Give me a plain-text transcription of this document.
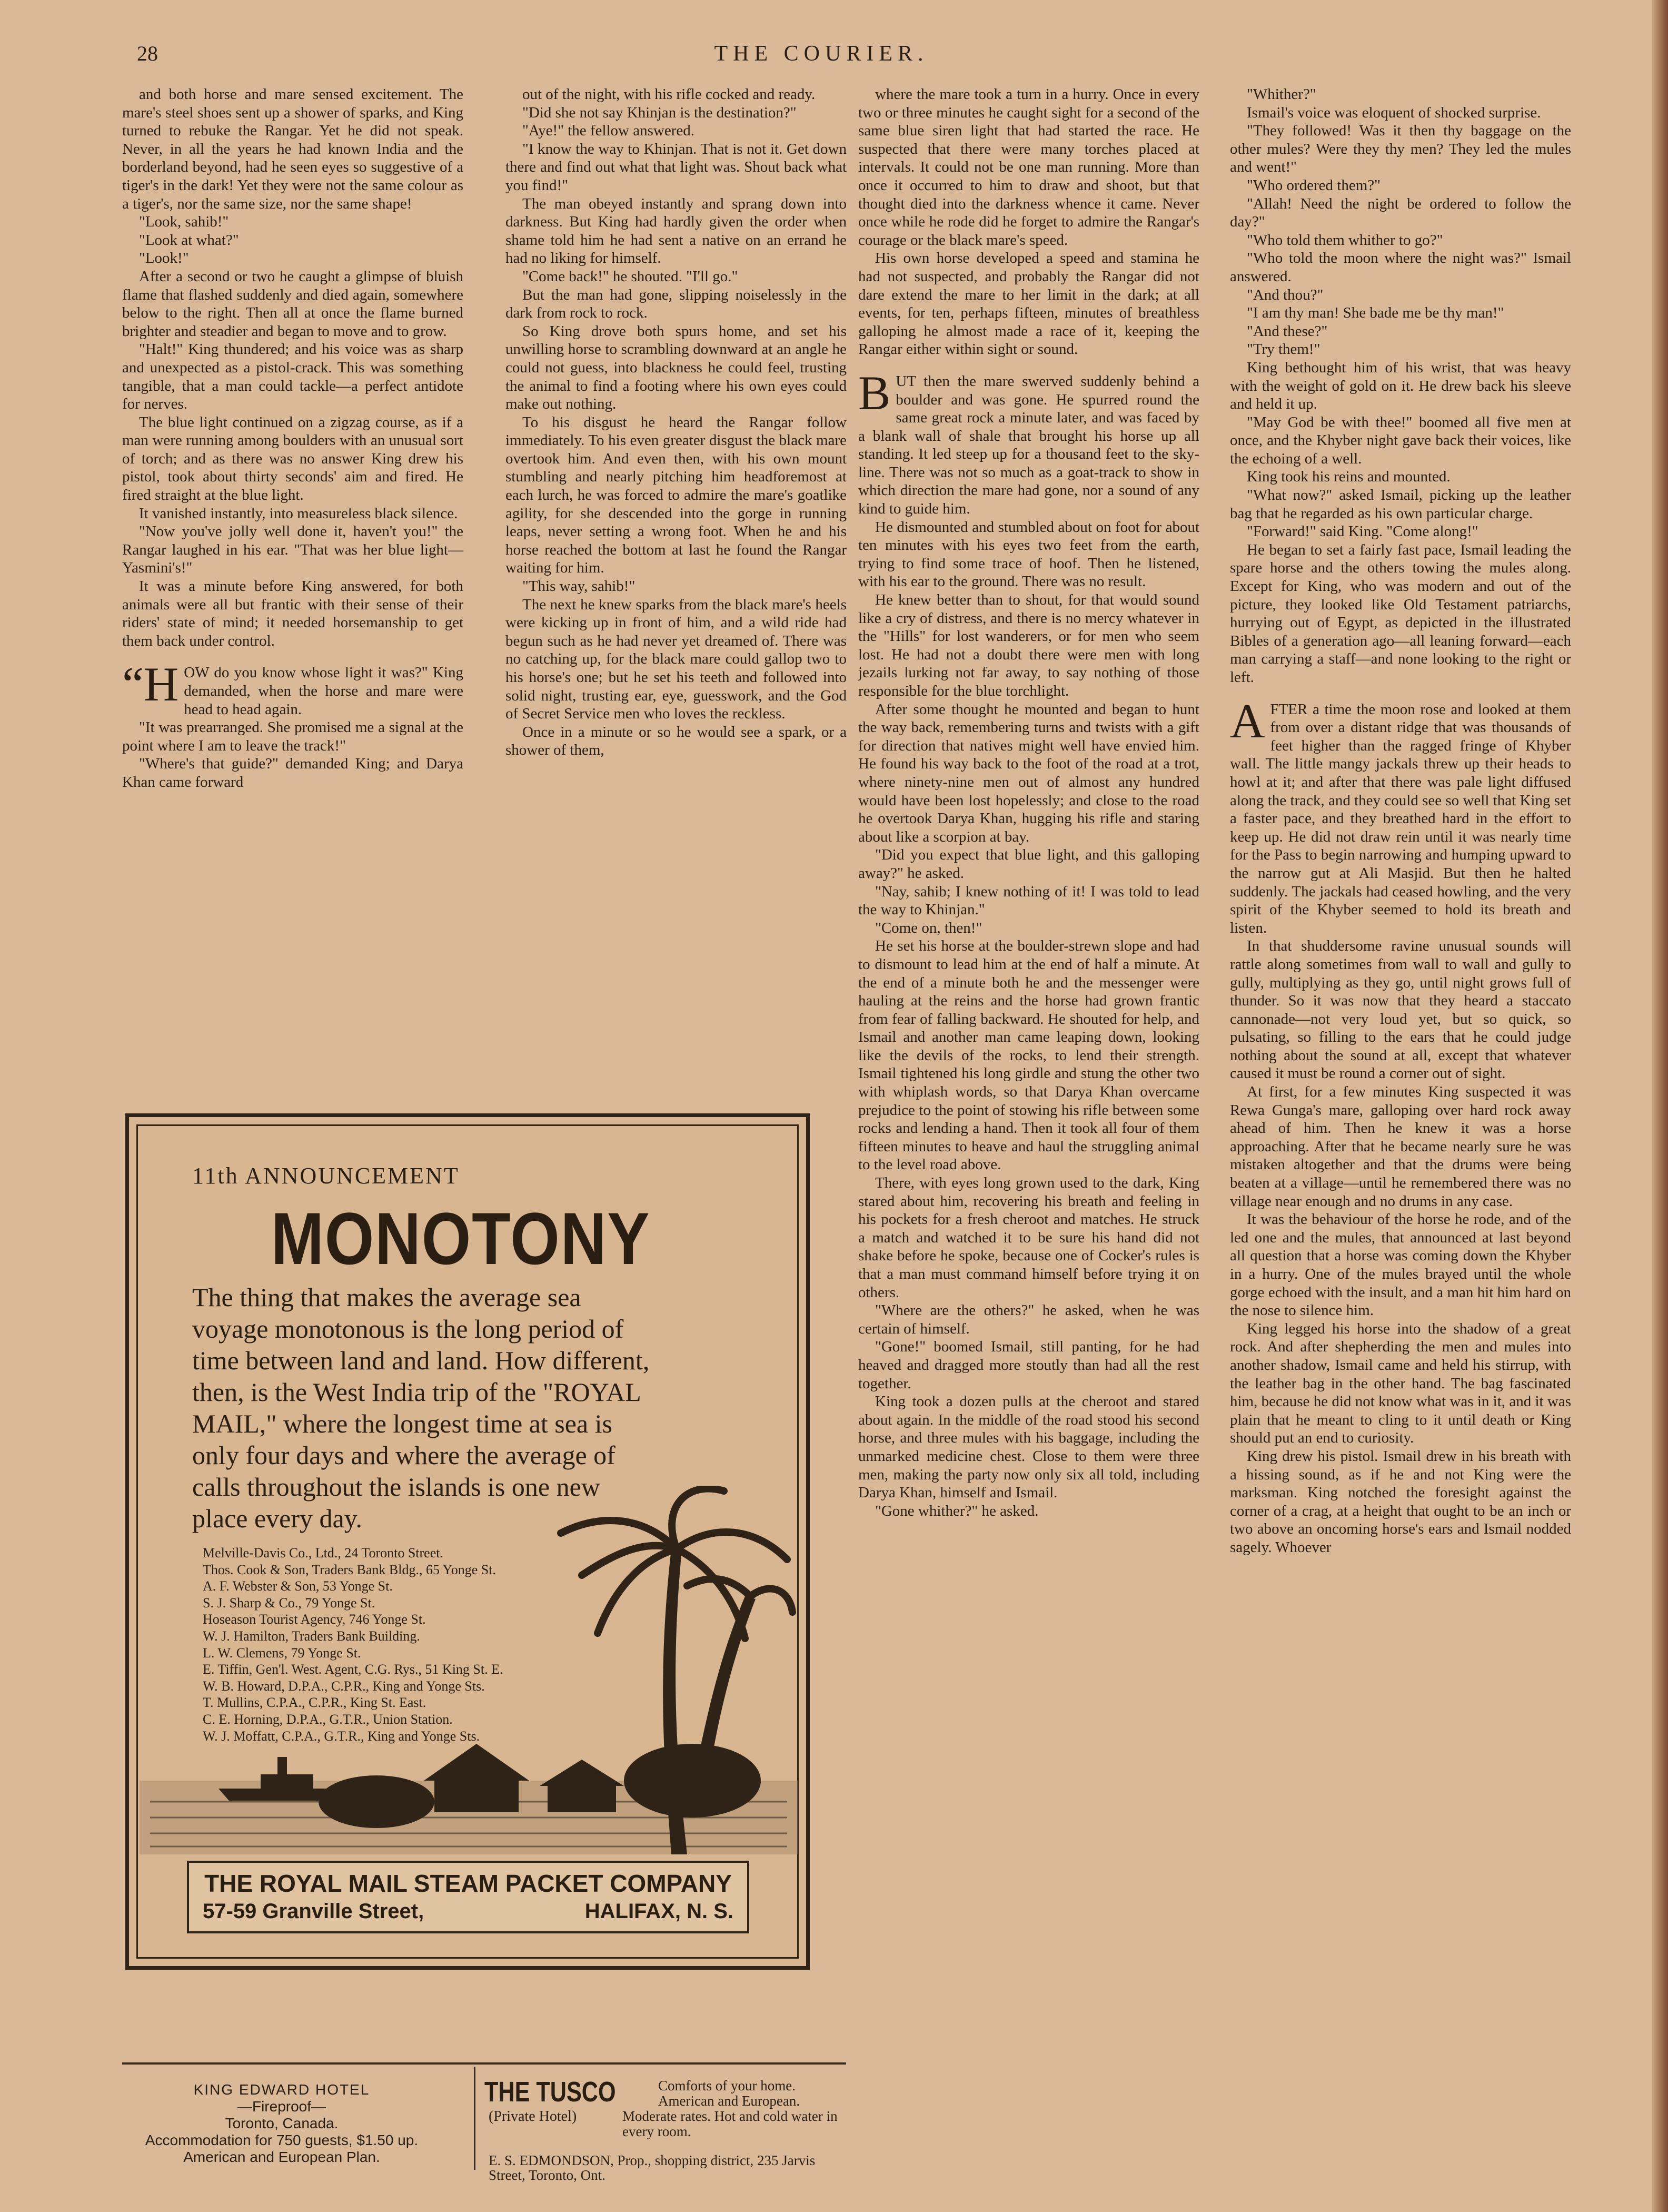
28	THE COURIER.

and both horse and mare sensed excitement. The mare's steel shoes sent up a shower of sparks, and King turned to rebuke the Rangar. Yet he did not speak. Never, in all the years he had known India and the borderland beyond, had he seen eyes so suggestive of a tiger's in the dark! Yet they were not the same colour as a tiger's, nor the same size, nor the same shape!

"Look, sahib!"

"Look at what?"

"Look!"

After a second or two he caught a glimpse of bluish flame that flashed suddenly and died again, somewhere below to the right. Then all at once the flame burned brighter and steadier and began to move and to grow.

"Halt!" King thundered; and his voice was as sharp and unexpected as a pistol-crack. This was something tangible, that a man could tackle—a perfect antidote for nerves.

The blue light continued on a zigzag course, as if a man were running among boulders with an unusual sort of torch; and as there was no answer King drew his pistol, took about thirty seconds' aim and fired. He fired straight at the blue light.

It vanished instantly, into measureless black silence.

"Now you've jolly well done it, haven't you!" the Rangar laughed in his ear. "That was her blue light—Yasmini's!"

It was a minute before King answered, for both animals were all but frantic with their sense of their riders' state of mind; it needed horsemanship to get them back under control.

“H OW do you know whose light it was?" King demanded, when the horse and mare were head to head again.

"It was prearranged. She promised me a signal at the point where I am to leave the track!"

"Where's that guide?" demanded King; and Darya Khan came forward

out of the night, with his rifle cocked and ready.

"Did she not say Khinjan is the destination?"

"Aye!" the fellow answered.

"I know the way to Khinjan. That is not it. Get down there and find out what that light was. Shout back what you find!"

The man obeyed instantly and sprang down into darkness. But King had hardly given the order when shame told him he had sent a native on an errand he had no liking for himself.

"Come back!" he shouted. "I'll go."

But the man had gone, slipping noiselessly in the dark from rock to rock.

So King drove both spurs home, and set his unwilling horse to scrambling downward at an angle he could not guess, into blackness he could feel, trusting the animal to find a footing where his own eyes could make out nothing.

To his disgust he heard the Rangar follow immediately. To his even greater disgust the black mare overtook him. And even then, with his own mount stumbling and nearly pitching him headforemost at each lurch, he was forced to admire the mare's goatlike agility, for she descended into the gorge in running leaps, never setting a wrong foot. When he and his horse reached the bottom at last he found the Rangar waiting for him.

"This way, sahib!"

The next he knew sparks from the black mare's heels were kicking up in front of him, and a wild ride had begun such as he had never yet dreamed of. There was no catching up, for the black mare could gallop two to his horse's one; but he set his teeth and followed into solid night, trusting ear, eye, guesswork, and the God of Secret Service men who loves the reckless.

Once in a minute or so he would see a spark, or a shower of them,

where the mare took a turn in a hurry. Once in every two or three minutes he caught sight for a second of the same blue siren light that had started the race. He suspected that there were many torches placed at intervals. It could not be one man running. More than once it occurred to him to draw and shoot, but that thought died into the darkness whence it came. Never once while he rode did he forget to admire the Rangar's courage or the black mare's speed.

His own horse developed a speed and stamina he had not suspected, and probably the Rangar did not dare extend the mare to her limit in the dark; at all events, for ten, perhaps fifteen, minutes of breathless galloping he almost made a race of it, keeping the Rangar either within sight or sound.

BUT then the mare swerved suddenly behind a boulder and was gone. He spurred round the same great rock a minute later, and was faced by a blank wall of shale that brought his horse up all standing. It led steep up for a thousand feet to the sky-line. There was not so much as a goat-track to show in which direction the mare had gone, nor a sound of any kind to guide him.

He dismounted and stumbled about on foot for about ten minutes with his eyes two feet from the earth, trying to find some trace of hoof. Then he listened, with his ear to the ground. There was no result.

He knew better than to shout, for that would sound like a cry of distress, and there is no mercy whatever in the "Hills" for lost wanderers, or for men who seem lost. He had not a doubt there were men with long jezails lurking not far away, to say nothing of those responsible for the blue torchlight.

After some thought he mounted and began to hunt the way back, remembering turns and twists with a gift for direction that natives might well have envied him. He found his way back to the foot of the road at a trot, where ninety-nine men out of almost any hundred would have been lost hopelessly; and close to the road he overtook Darya Khan, hugging his rifle and staring about like a scorpion at bay.

"Did you expect that blue light, and this galloping away?" he asked.

"Nay, sahib; I knew nothing of it! I was told to lead the way to Khinjan."

"Come on, then!"

He set his horse at the boulder-strewn slope and had to dismount to lead him at the end of half a minute. At the end of a minute both he and the messenger were hauling at the reins and the horse had grown frantic from fear of falling backward. He shouted for help, and Ismail and another man came leaping down, looking like the devils of the rocks, to lend their strength. Ismail tightened his long girdle and stung the other two with whiplash words, so that Darya Khan overcame prejudice to the point of stowing his rifle between some rocks and lending a hand. Then it took all four of them fifteen minutes to heave and haul the struggling animal to the level road above.

There, with eyes long grown used to the dark, King stared about him, recovering his breath and feeling in his pockets for a fresh cheroot and matches. He struck a match and watched it to be sure his hand did not shake before he spoke, because one of Cocker's rules is that a man must command himself before trying it on others.

"Where are the others?" he asked, when he was certain of himself.

"Gone!" boomed Ismail, still panting, for he had heaved and dragged more stoutly than had all the rest together.

King took a dozen pulls at the cheroot and stared about again. In the middle of the road stood his second horse, and three mules with his baggage, including the unmarked medicine chest. Close to them were three men, making the party now only six all told, including Darya Khan, himself and Ismail.

"Gone whither?" he asked.

"Whither?"

Ismail's voice was eloquent of shocked surprise.

"They followed! Was it then thy baggage on the other mules? Were they thy men? They led the mules and went!"

"Who ordered them?"

"Allah! Need the night be ordered to follow the day?"

"Who told them whither to go?"

"Who told the moon where the night was?" Ismail answered.

"And thou?"

"I am thy man! She bade me be thy man!"

"And these?"

"Try them!"

King bethought him of his wrist, that was heavy with the weight of gold on it. He drew back his sleeve and held it up.

"May God be with thee!" boomed all five men at once, and the Khyber night gave back their voices, like the echoing of a well.

King took his reins and mounted.

"What now?" asked Ismail, picking up the leather bag that he regarded as his own particular charge.

"Forward!" said King. "Come along!"

He began to set a fairly fast pace, Ismail leading the spare horse and the others towing the mules along. Except for King, who was modern and out of the picture, they looked like Old Testament patriarchs, hurrying out of Egypt, as depicted in the illustrated Bibles of a generation ago—all leaning forward—each man carrying a staff—and none looking to the right or left.

AFTER a time the moon rose and looked at them from over a distant ridge that was thousands of feet higher than the ragged fringe of Khyber wall. The little mangy jackals threw up their heads to howl at it; and after that there was pale light diffused along the track, and they could see so well that King set a faster pace, and they breathed hard in the effort to keep up. He did not draw rein until it was nearly time for the Pass to begin narrowing and humping upward to the narrow gut at Ali Masjid. But then he halted suddenly. The jackals had ceased howling, and the very spirit of the Khyber seemed to hold its breath and listen.

In that shuddersome ravine unusual sounds will rattle along sometimes from wall to wall and gully to gully, multiplying as they go, until night grows full of thunder. So it was now that they heard a staccato cannonade—not very loud yet, but so quick, so pulsating, so filling to the ears that he could judge nothing about the sound at all, except that whatever caused it must be round a corner out of sight.

At first, for a few minutes King suspected it was Rewa Gunga's mare, galloping over hard rock away ahead of him. Then he knew it was a horse approaching. After that he became nearly sure he was mistaken altogether and that the drums were being beaten at a village—until he remembered there was no village near enough and no drums in any case.

It was the behaviour of the horse he rode, and of the led one and the mules, that announced at last beyond all question that a horse was coming down the Khyber in a hurry. One of the mules brayed until the whole gorge echoed with the insult, and a man hit him hard on the nose to silence him.

King legged his horse into the shadow of a great rock. And after shepherding the men and mules into another shadow, Ismail came and held his stirrup, with the leather bag in the other hand. The bag fascinated him, because he did not know what was in it, and it was plain that he meant to cling to it until death or King should put an end to curiosity.

King drew his pistol. Ismail drew in his breath with a hissing sound, as if he and not King were the marksman. King notched the foresight against the corner of a crag, at a height that ought to be an inch or two above an oncoming horse's ears and Ismail nodded sagely. Whoever

11th ANNOUNCEMENT
MONOTONY
The thing that makes the average sea voyage monotonous is the long period of time between land and land. How different, then, is the West India trip of the "ROYAL MAIL," where the longest time at sea is only four days and where the average of calls throughout the islands is one new place every day.
Melville-Davis Co., Ltd., 24 Toronto Street.
Thos. Cook & Son, Traders Bank Bldg., 65 Yonge St.
A. F. Webster & Son, 53 Yonge St.
S. J. Sharp & Co., 79 Yonge St.
Hoseason Tourist Agency, 746 Yonge St.
W. J. Hamilton, Traders Bank Building.
L. W. Clemens, 79 Yonge St.
E. Tiffin, Gen'l. West. Agent, C.G. Rys., 51 King St. E.
W. B. Howard, D.P.A., C.P.R., King and Yonge Sts.
T. Mullins, C.P.A., C.P.R., King St. East.
C. E. Horning, D.P.A., G.T.R., Union Station.
W. J. Moffatt, C.P.A., G.T.R., King and Yonge Sts.
THE ROYAL MAIL STEAM PACKET COMPANY
57-59 Granville Street,	HALIFAX, N. S.
KING EDWARD HOTEL
—Fireproof—
Toronto, Canada.
Accommodation for 750 guests, $1.50 up.
American and European Plan.
THE TUSCO
(Private Hotel)
Comforts of your home. American and European. Moderate rates. Hot and cold water in every room.
E. S. EDMONDSON, Prop., shopping district, 235 Jarvis Street, Toronto, Ont.
